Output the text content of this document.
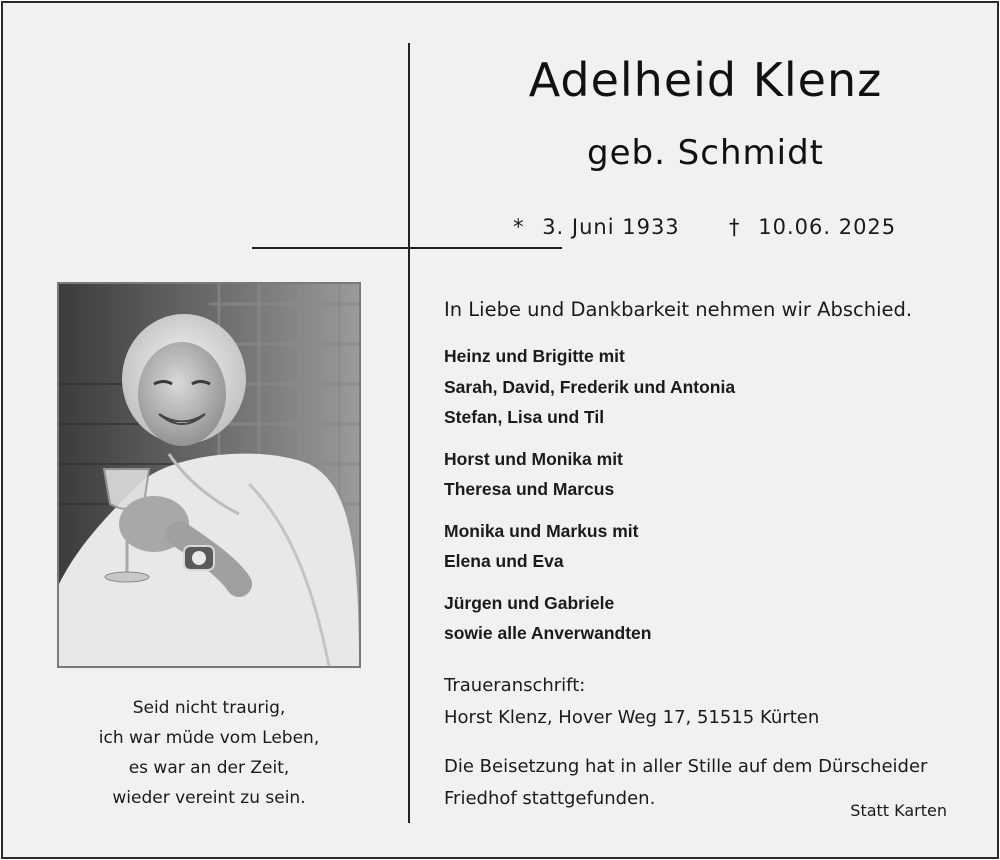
Adelheid Klenz
geb. Schmidt
* 3. Juni 1933 † 10.06. 2025
Seid nicht traurig,
ich war müde vom Leben,
es war an der Zeit,
wieder vereint zu sein.
In Liebe und Dankbarkeit nehmen wir Abschied.
Heinz und Brigitte mit
Sarah, David, Frederik und Antonia
Stefan, Lisa und Til
Horst und Monika mit
Theresa und Marcus
Monika und Markus mit
Elena und Eva
Jürgen und Gabriele
sowie alle Anverwandten
Traueranschrift:
Horst Klenz, Hover Weg 17, 51515 Kürten
Die Beisetzung hat in aller Stille auf dem Dürscheider
Friedhof stattgefunden.
Statt Karten
